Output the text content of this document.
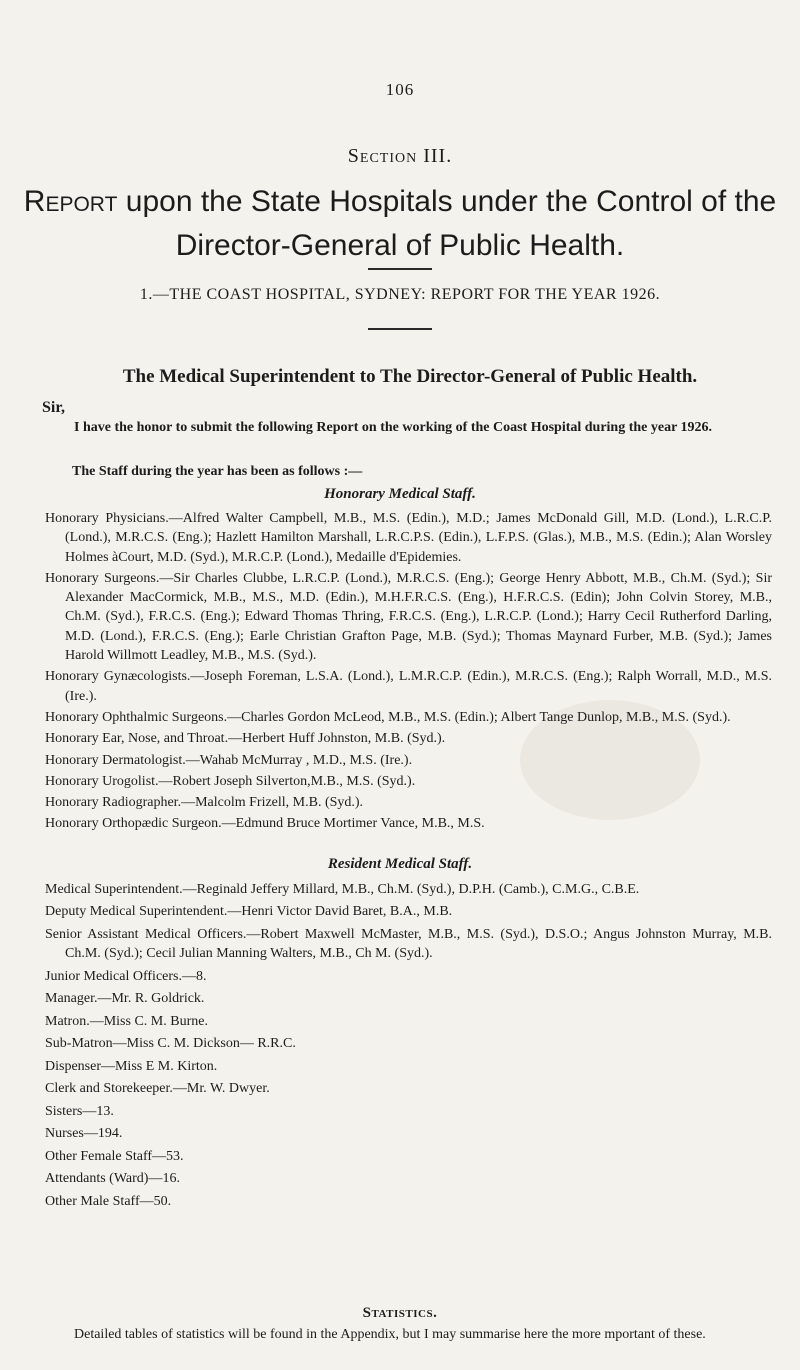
106
Section III.
Report upon the State Hospitals under the Control of the
Director-General of Public Health.
1.—THE COAST HOSPITAL, SYDNEY: REPORT FOR THE YEAR 1926.
The Medical Superintendent to The Director-General of Public Health.
Sir,
I have the honor to submit the following Report on the working of the Coast Hospital during the year 1926.
The Staff during the year has been as follows :—
Honorary Medical Staff.

Honorary Physicians.—Alfred Walter Campbell, M.B., M.S. (Edin.), M.D.; James McDonald Gill, M.D. (Lond.), L.R.C.P. (Lond.), M.R.C.S. (Eng.); Hazlett Hamilton Marshall, L.R.C.P.S. (Edin.), L.F.P.S. (Glas.), M.B., M.S. (Edin.); Alan Worsley Holmes àCourt, M.D. (Syd.), M.R.C.P. (Lond.), Medaille d'Epidemies.

Honorary Surgeons.—Sir Charles Clubbe, L.R.C.P. (Lond.), M.R.C.S. (Eng.); George Henry Abbott, M.B., Ch.M. (Syd.); Sir Alexander MacCormick, M.B., M.S., M.D. (Edin.), M.H.F.R.C.S. (Eng.), H.F.R.C.S. (Edin); John Colvin Storey, M.B., Ch.M. (Syd.), F.R.C.S. (Eng.); Edward Thomas Thring, F.R.C.S. (Eng.), L.R.C.P. (Lond.); Harry Cecil Rutherford Darling, M.D. (Lond.), F.R.C.S. (Eng.); Earle Christian Grafton Page, M.B. (Syd.); Thomas Maynard Furber, M.B. (Syd.); James Harold Willmott Leadley, M.B., M.S. (Syd.).

Honorary Gynæcologists.—Joseph Foreman, L.S.A. (Lond.), L.M.R.C.P. (Edin.), M.R.C.S. (Eng.); Ralph Worrall, M.D., M.S. (Ire.).

Honorary Ophthalmic Surgeons.—Charles Gordon McLeod, M.B., M.S. (Edin.); Albert Tange Dunlop, M.B., M.S. (Syd.).

Honorary Ear, Nose, and Throat.—Herbert Huff Johnston, M.B. (Syd.).

Honorary Dermatologist.—Wahab McMurray , M.D., M.S. (Ire.).

Honorary Urogolist.—Robert Joseph Silverton,M.B., M.S. (Syd.).

Honorary Radiographer.—Malcolm Frizell, M.B. (Syd.).

Honorary Orthopædic Surgeon.—Edmund Bruce Mortimer Vance, M.B., M.S.

Resident Medical Staff.

Medical Superintendent.—Reginald Jeffery Millard, M.B., Ch.M. (Syd.), D.P.H. (Camb.), C.M.G., C.B.E.

Deputy Medical Superintendent.—Henri Victor David Baret, B.A., M.B.

Senior Assistant Medical Officers.—Robert Maxwell McMaster, M.B., M.S. (Syd.), D.S.O.; Angus Johnston Murray, M.B. Ch.M. (Syd.); Cecil Julian Manning Walters, M.B., Ch M. (Syd.).

Junior Medical Officers.—8.

Manager.—Mr. R. Goldrick.

Matron.—Miss C. M. Burne.

Sub-Matron—Miss C. M. Dickson— R.R.C.

Dispenser—Miss E M. Kirton.

Clerk and Storekeeper.—Mr. W. Dwyer.

Sisters—13.

Nurses—194.

Other Female Staff—53.

Attendants (Ward)—16.

Other Male Staff—50.

Statistics.
Detailed tables of statistics will be found in the Appendix, but I may summarise here the more mportant of these.
